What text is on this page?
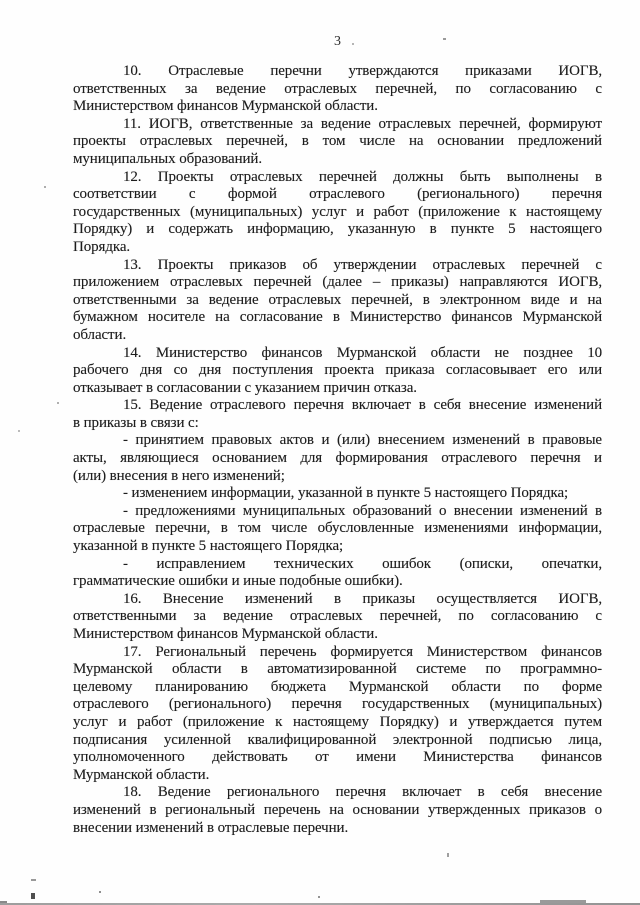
3
10. Отраслевые перечни утверждаются приказами ИОГВ,
ответственных за ведение отраслевых перечней, по согласованию с
Министерством финансов Мурманской области.
11. ИОГВ, ответственные за ведение отраслевых перечней, формируют
проекты отраслевых перечней, в том числе на основании предложений
муниципальных образований.
12. Проекты отраслевых перечней должны быть выполнены в
соответствии с формой отраслевого (регионального) перечня
государственных (муниципальных) услуг и работ (приложение к настоящему
Порядку) и содержать информацию, указанную в пункте 5 настоящего
Порядка.
13. Проекты приказов об утверждении отраслевых перечней с
приложением отраслевых перечней (далее – приказы) направляются ИОГВ,
ответственными за ведение отраслевых перечней, в электронном виде и на
бумажном носителе на согласование в Министерство финансов Мурманской
области.
14. Министерство финансов Мурманской области не позднее 10
рабочего дня со дня поступления проекта приказа согласовывает его или
отказывает в согласовании с указанием причин отказа.
15. Ведение отраслевого перечня включает в себя внесение изменений
в приказы в связи с:
- принятием правовых актов и (или) внесением изменений в правовые
акты, являющиеся основанием для формирования отраслевого перечня и
(или) внесения в него изменений;
- изменением информации, указанной в пункте 5 настоящего Порядка;
- предложениями муниципальных образований о внесении изменений в
отраслевые перечни, в том числе обусловленные изменениями информации,
указанной в пункте 5 настоящего Порядка;
- исправлением технических ошибок (описки, опечатки,
грамматические ошибки и иные подобные ошибки).
16. Внесение изменений в приказы осуществляется ИОГВ,
ответственными за ведение отраслевых перечней, по согласованию с
Министерством финансов Мурманской области.
17. Региональный перечень формируется Министерством финансов
Мурманской области в автоматизированной системе по программно-
целевому планированию бюджета Мурманской области по форме
отраслевого (регионального) перечня государственных (муниципальных)
услуг и работ (приложение к настоящему Порядку) и утверждается путем
подписания усиленной квалифицированной электронной подписью лица,
уполномоченного действовать от имени Министерства финансов
Мурманской области.
18. Ведение регионального перечня включает в себя внесение
изменений в региональный перечень на основании утвержденных приказов о
внесении изменений в отраслевые перечни.
